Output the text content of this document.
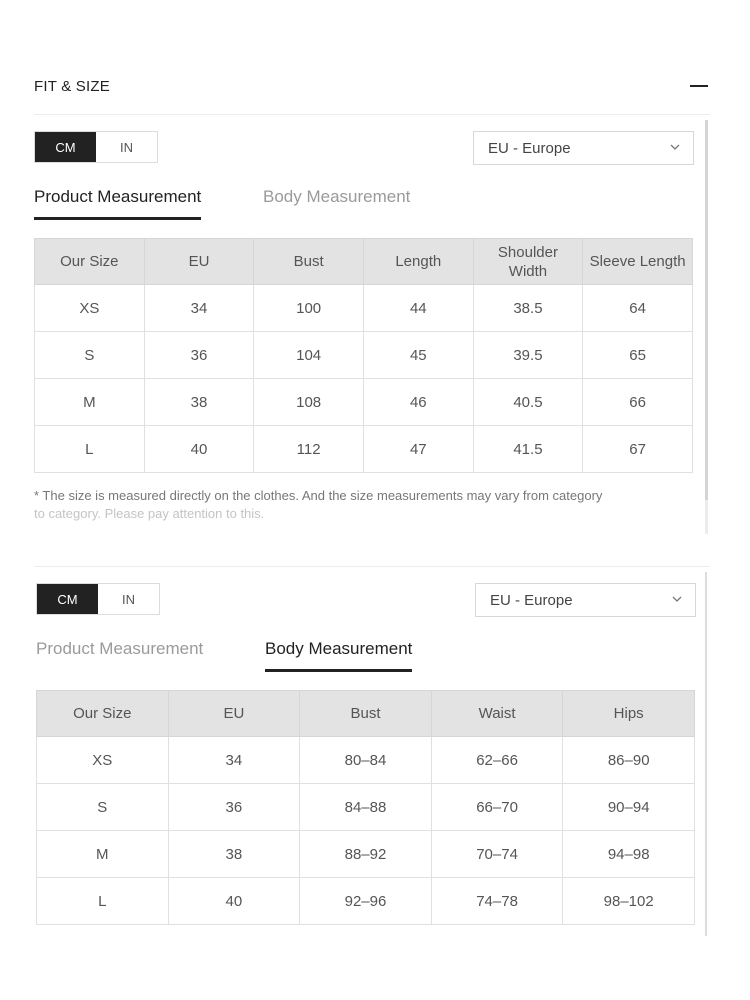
FIT & SIZE
CM	IN	EU - Europe
Product Measurement	Body Measurement
Our Size	EU	Bust	Length	Shoulder Width	Sleeve Length
XS	34	100	44	38.5	64
S	36	104	45	39.5	65
M	38	108	46	40.5	66
L	40	112	47	41.5	67
* The size is measured directly on the clothes. And the size measurements may vary from category
to category. Please pay attention to this.
CM	IN	EU - Europe
Product Measurement	Body Measurement
Our Size	EU	Bust	Waist	Hips
XS	34	80–84	62–66	86–90
S	36	84–88	66–70	90–94
M	38	88–92	70–74	94–98
L	40	92–96	74–78	98–102
